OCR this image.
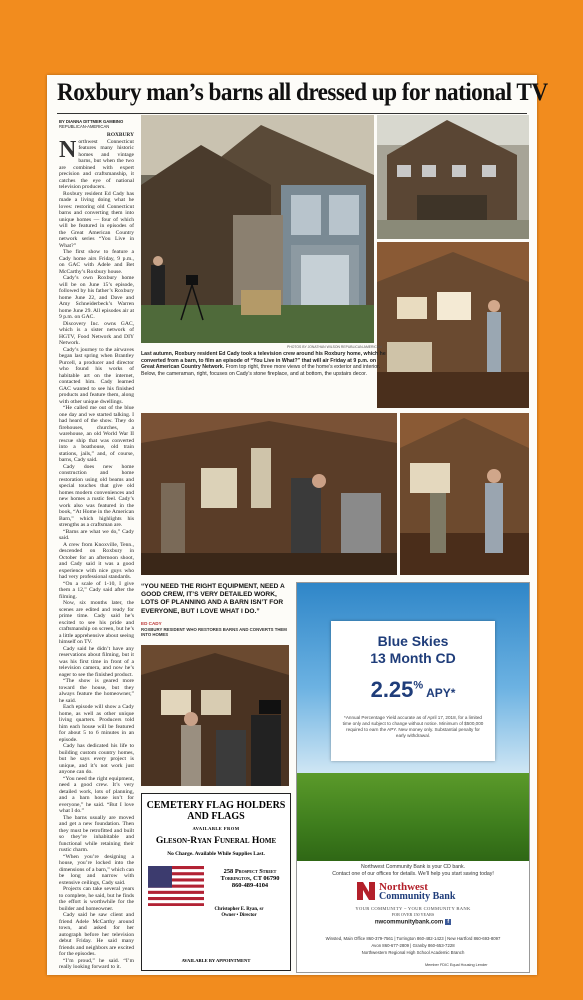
Roxbury man’s barns all dressed up for national TV
BY DIANNA DITTMER GAMBINO
REPUBLICAN-AMERICAN
ROXBURY
N orthwest Connecticut features many historic homes and vintage barns, but when the two are combined with expert precision and craftsmanship, it catches the eye of national television producers.

Roxbury resident Ed Cady has made a living doing what he loves: restoring old Connecticut barns and converting them into unique homes — four of which will be featured in episodes of the Great American Country network series “You Live in What?”

The first show to feature a Cady home airs Friday, 9 p.m., on GAC with Adele and Bet McCarthy’s Roxbury house.

Cady’s own Roxbury home will be on June 15’s episode, followed by his father’s Roxbury home June 22, and Dave and Amy Schneiderbeck’s Warren home June 29. All episodes air at 9 p.m. on GAC.

Discovery Inc. owns GAC, which is a sister network of HGTV, Food Network and DIY Network.

Cady’s journey to the airwaves began last spring when Brantley Purcell, a producer and director who found his works of habitable art on the internet, contacted him. Cady learned GAC wanted to see his finished products and feature them, along with other unique dwellings.

“He called me out of the blue one day and we started talking. I had heard of the show. They do firehouses, churches, a warehouse, an old World War II rescue ship that was converted into a boathouse, old train stations, jails,” and, of course, barns, Cady said.

Cady does new home construction and home restoration using old beams and special touches that give old homes modern conveniences and new homes a rustic feel. Cady’s work also was featured in the book, “At Home in the American Barn,” which highlights his strengths as a craftsman are.

“Barns are what we do,” Cady said.

A crew from Knoxville, Tenn., descended on Roxbury in October for an afternoon shoot, and Cady said it was a good experience with nice guys who had very professional standards.

“On a scale of 1-10, I give them a 12,” Cady said after the filming.

Now, six months later, the scenes are edited and ready for prime time. Cady said he’s excited to see his pride and craftsmanship on screen, but he’s a little apprehensive about seeing himself on TV.

Cady said he didn’t have any reservations about filming, but it was his first time in front of a television camera, and now he’s eager to see the finished product.

“The show is geared more toward the house, but they always feature the homeowner,” he said.

Each episode will show a Cady home, as well as other unique living quarters. Producers told him each house will be featured for about 5 to 6 minutes in an episode.

Cady has dedicated his life to building custom country homes, but he says every project is unique, and it’s not work just anyone can do.

“You need the right equipment, need a good crew. It’s very detailed work, lots of planning, and a barn house isn’t for everyone,” he said. “But I love what I do.”

The barns usually are moved and get a new foundation. Then they must be retrofitted and built so they’re inhabitable and functional while retaining their rustic charm.

“When you’re designing a house, you’re locked into the dimensions of a barn,” which can be long and narrow with extensive ceilings, Cady said.

Projects can take several years to complete, he said, but he finds the effort is worthwhile for the builder and homeowner.

Cady said he saw client and friend Adele McCarthy around town, and asked for her autograph before her television debut Friday. He said many friends and neighbors are excited for the episodes.

“I’m proud,” he said. “I’m really looking forward to it.

PHOTOS BY JONATHAN WILSON REPUBLICAN-AMERICAN
Last autumn, Roxbury resident Ed Cady took a television crew around his Roxbury home, which he converted from a barn, to film an episode of “You Live in What?” that will air Friday at 9 p.m. on Great American Country Network. From top right, three more views of the home’s exterior and interior. Below, the cameraman, right, focuses on Cady’s stone fireplace, and at bottom, the upstairs decor.
“YOU NEED THE RIGHT EQUIPMENT, NEED A GOOD CREW, IT’S VERY DETAILED WORK, LOTS OF PLANNING AND A BARN ISN’T FOR EVERYONE, BUT I LOVE WHAT I DO.”
ED CADY
ROXBURY RESIDENT WHO RESTORES BARNS AND CONVERTS THEM INTO HOMES
CEMETERY FLAG HOLDERS AND FLAGS
AVAILABLE FROM
Gleson-Ryan Funeral Home
No Charge. Available While Supplies Last.
258 Prospect Street
Torrington, CT 06790
860-489-4104
Christopher E. Ryan, sr
Owner • Director
AVAILABLE BY APPOINTMENT
Blue Skies
13 Month CD
2.25% APY*
*Annual Percentage Yield accurate as of April 17, 2018, for a limited time only and subject to change without notice. Minimum of $500,000 required to earn the APY. New money only. Substantial penalty for early withdrawal.
Northwest Community Bank is your CD bank.
Contact one of our offices for details. We’ll help you start saving today!
Northwest
Community Bank
YOUR COMMUNITY ~ YOUR COMMUNITY BANK
FOR OVER 150 YEARS
nwcommunitybank.com f
Winsted, Main Office 860-379-7561 | Torrington 860-482-1423 | New Hartford 860-693-8097
Avon 860-677-2809 | Granby 860-653-7228
Northwestern Regional High School Academic Branch
Member FDIC Equal Housing Lender
